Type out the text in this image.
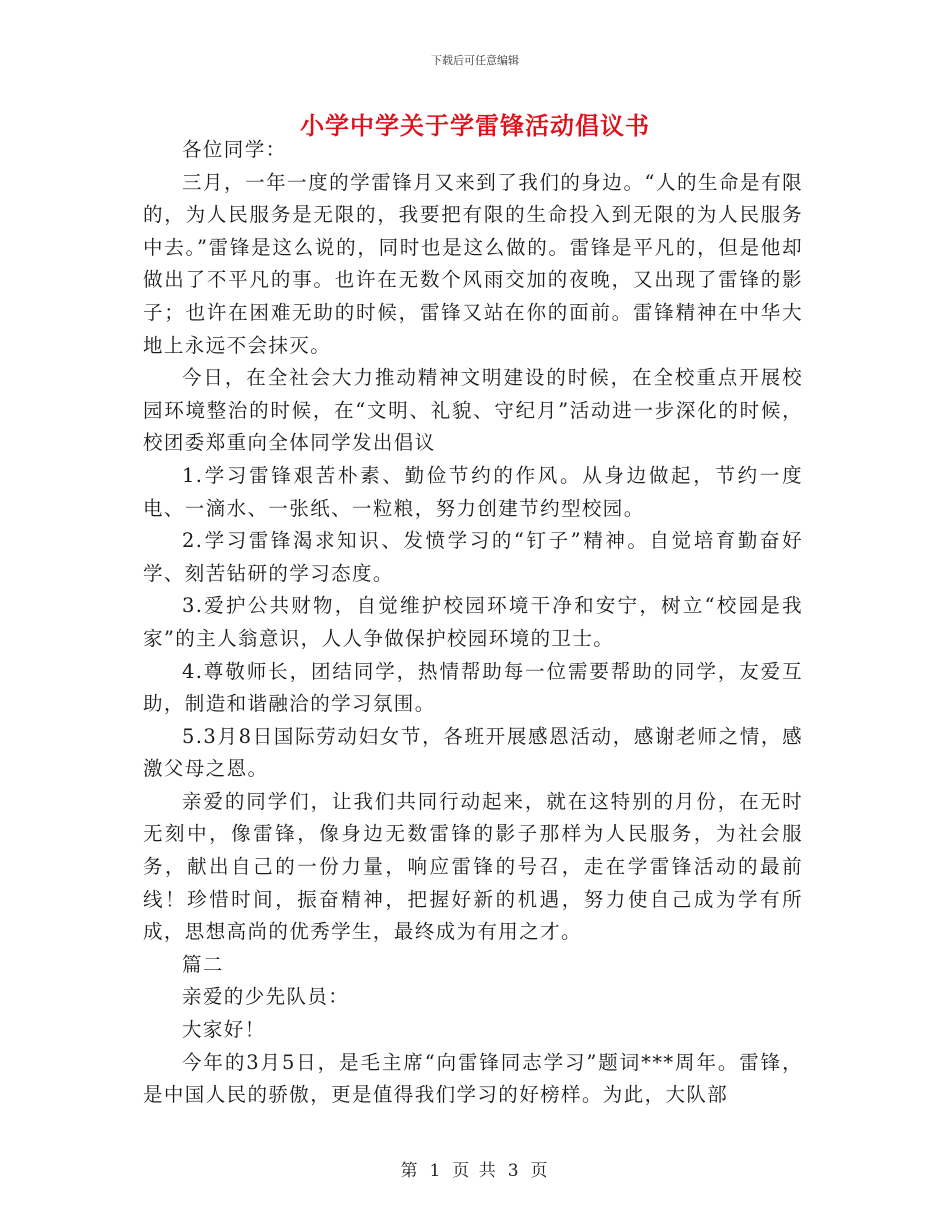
下载后可任意编辑
小学中学关于学雷锋活动倡议书

各位同学：

三月，一年一度的学雷锋月又来到了我们的身边。“人的生命是有限的，为人民服务是无限的，我要把有限的生命投入到无限的为人民服务中去。”雷锋是这么说的，同时也是这么做的。雷锋是平凡的，但是他却做出了不平凡的事。也许在无数个风雨交加的夜晚，又出现了雷锋的影子；也许在困难无助的时候，雷锋又站在你的面前。雷锋精神在中华大地上永远不会抹灭。

今日，在全社会大力推动精神文明建设的时候，在全校重点开展校园环境整治的时候，在“文明、礼貌、守纪月”活动进一步深化的时候，校团委郑重向全体同学发出倡议

1.学习雷锋艰苦朴素、勤俭节约的作风。从身边做起，节约一度电、一滴水、一张纸、一粒粮，努力创建节约型校园。

2.学习雷锋渴求知识、发愤学习的“钉子”精神。自觉培育勤奋好学、刻苦钻研的学习态度。

3.爱护公共财物，自觉维护校园环境干净和安宁，树立“校园是我家”的主人翁意识，人人争做保护校园环境的卫士。

4.尊敬师长，团结同学，热情帮助每一位需要帮助的同学，友爱互助，制造和谐融洽的学习氛围。

5.3月8日国际劳动妇女节，各班开展感恩活动，感谢老师之情，感激父母之恩。

亲爱的同学们，让我们共同行动起来，就在这特别的月份，在无时无刻中，像雷锋，像身边无数雷锋的影子那样为人民服务，为社会服务，献出自己的一份力量，响应雷锋的号召，走在学雷锋活动的最前线！珍惜时间，振奋精神，把握好新的机遇，努力使自己成为学有所成，思想高尚的优秀学生，最终成为有用之才。

篇二

亲爱的少先队员：

大家好！

今年的3月5日，是毛主席“向雷锋同志学习”题词***周年。雷锋，是中国人民的骄傲，更是值得我们学习的好榜样。为此，大队部

第 1 页 共 3 页
